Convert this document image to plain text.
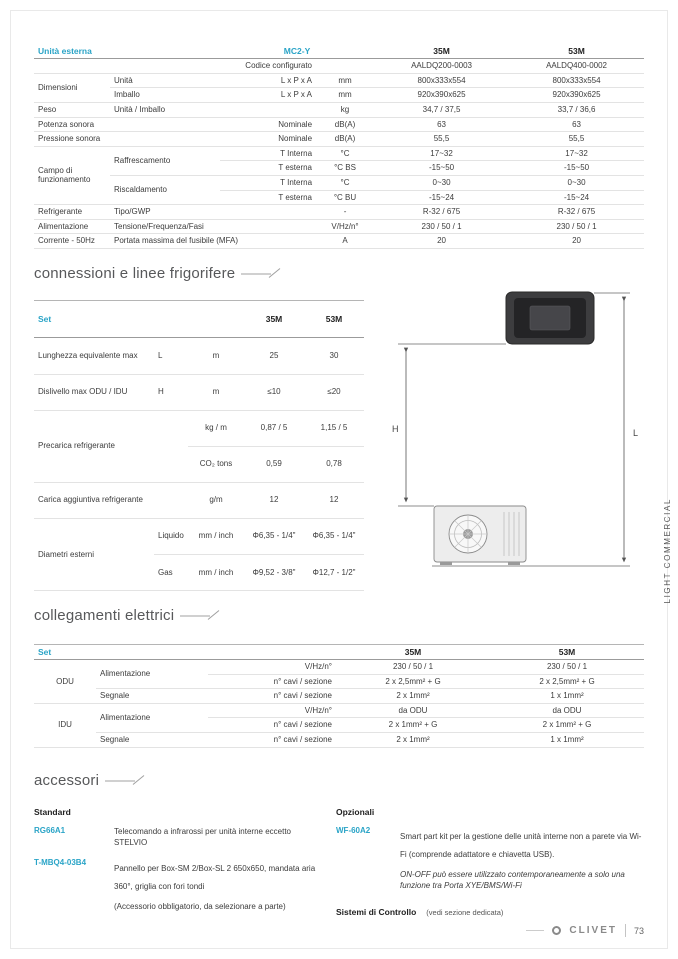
Unità esterna		MC2-Y		35M	53M
Codice configurato				AALDQ200-0003	AALDQ400-0002
Dimensioni	Unità	L x P x A	mm	800x333x554	800x333x554
	Imballo	L x P x A	mm	920x390x625	920x390x625
Peso	Unità / Imballo		kg	34,7 / 37,5	33,7 / 36,6
Potenza sonora	Nominale		dB(A)	63	63
Pressione sonora	Nominale		dB(A)	55,5	55,5
Campo di funzionamento	Raffrescamento	T Interna	°C	17~32	17~32
		T esterna	°C BS	-15~50	-15~50
	Riscaldamento	T Interna	°C	0~30	0~30
		T esterna	°C BU	-15~24	-15~24
Refrigerante	Tipo/GWP		-	R-32 / 675	R-32 / 675
Alimentazione	Tensione/Frequenza/Fasi		V/Hz/n°	230 / 50 / 1	230 / 50 / 1
Corrente - 50Hz	Portata massima del fusibile (MFA)		A	20	20
connessioni e linee frigorifere
Set			35M	53M
Lunghezza equivalente max	L	m	25	30
Dislivello max ODU / IDU	H	m	≤10	≤20
Precarica refrigerante		kg / m	0,87 / 5	1,15 / 5
		CO₂ tons	0,59	0,78
Carica aggiuntiva refrigerante		g/m	12	12
Diametri esterni	Liquido	mm / inch	Φ6,35 - 1/4"	Φ6,35 - 1/4"
	Gas	mm / inch	Φ9,52 - 3/8"	Φ12,7 - 1/2"
H	L
collegamenti elettrici
Set			35M	53M
ODU	Alimentazione	V/Hz/n°	230 / 50 / 1	230 / 50 / 1
		n° cavi / sezione	2 x 2,5mm² + G	2 x 2,5mm² + G
	Segnale	n° cavi / sezione	2 x 1mm²	1 x 1mm²
IDU	Alimentazione	V/Hz/n°	da ODU	da ODU
		n° cavi / sezione	2 x 1mm² + G	2 x 1mm² + G
	Segnale	n° cavi / sezione	2 x 1mm²	1 x 1mm²
accessori
Standard
RG66A1	Telecomando a infrarossi per unità interne eccetto STELVIO
T-MBQ4-03B4
Pannello per Box-SM 2/Box-SL 2 650x650, mandata aria 360°, griglia con fori tondi
(Accessorio obbligatorio, da selezionare a parte)
Opzionali
WF-60A2
Smart part kit per la gestione delle unità interne non a parete via Wi-Fi (comprende adattatore e chiavetta USB).
ON-OFF può essere utilizzato contemporaneamente a solo una funzione tra Porta XYE/BMS/Wi-Fi
Sistemi di Controllo (vedi sezione dedicata)
LIGHT COMMERCIAL
CLIVET 73
